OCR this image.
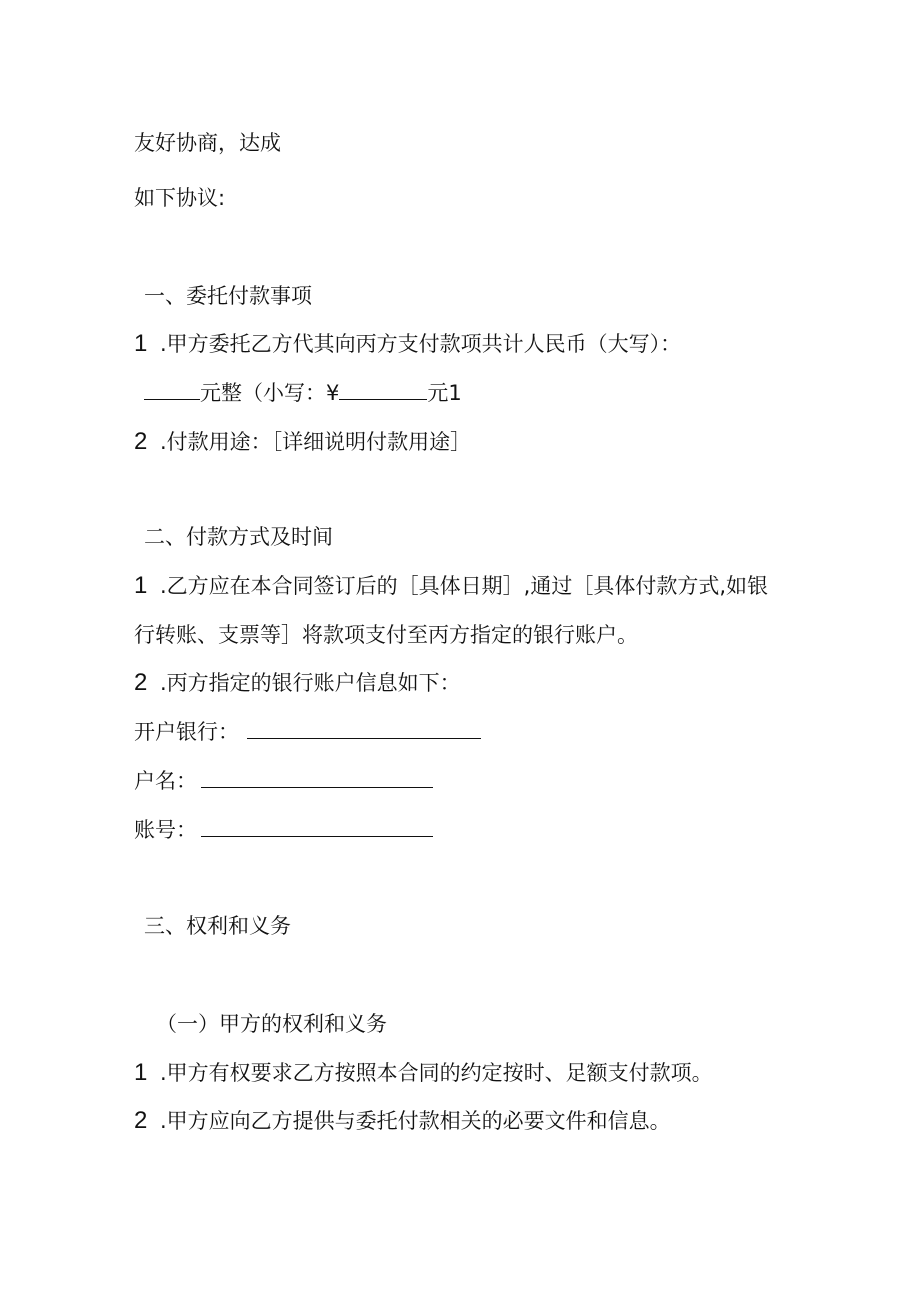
友好协商，达成
如下协议:
一、委托付款事项
1 .甲方委托乙方代其向丙方支付款项共计人民币（大写）：
元整（小写：¥	元1
2 .付款用途：［详细说明付款用途］
二、付款方式及时间
1 .乙方应在本合同签订后的［具体日期］,通过［具体付款方式,如银
行转账、支票等］将款项支付至丙方指定的银行账户。
2 .丙方指定的银行账户信息如下：
开户银行：
户名：
账号：
三、权利和义务
（一）甲方的权利和义务
1 .甲方有权要求乙方按照本合同的约定按时、足额支付款项。
2 .甲方应向乙方提供与委托付款相关的必要文件和信息。
